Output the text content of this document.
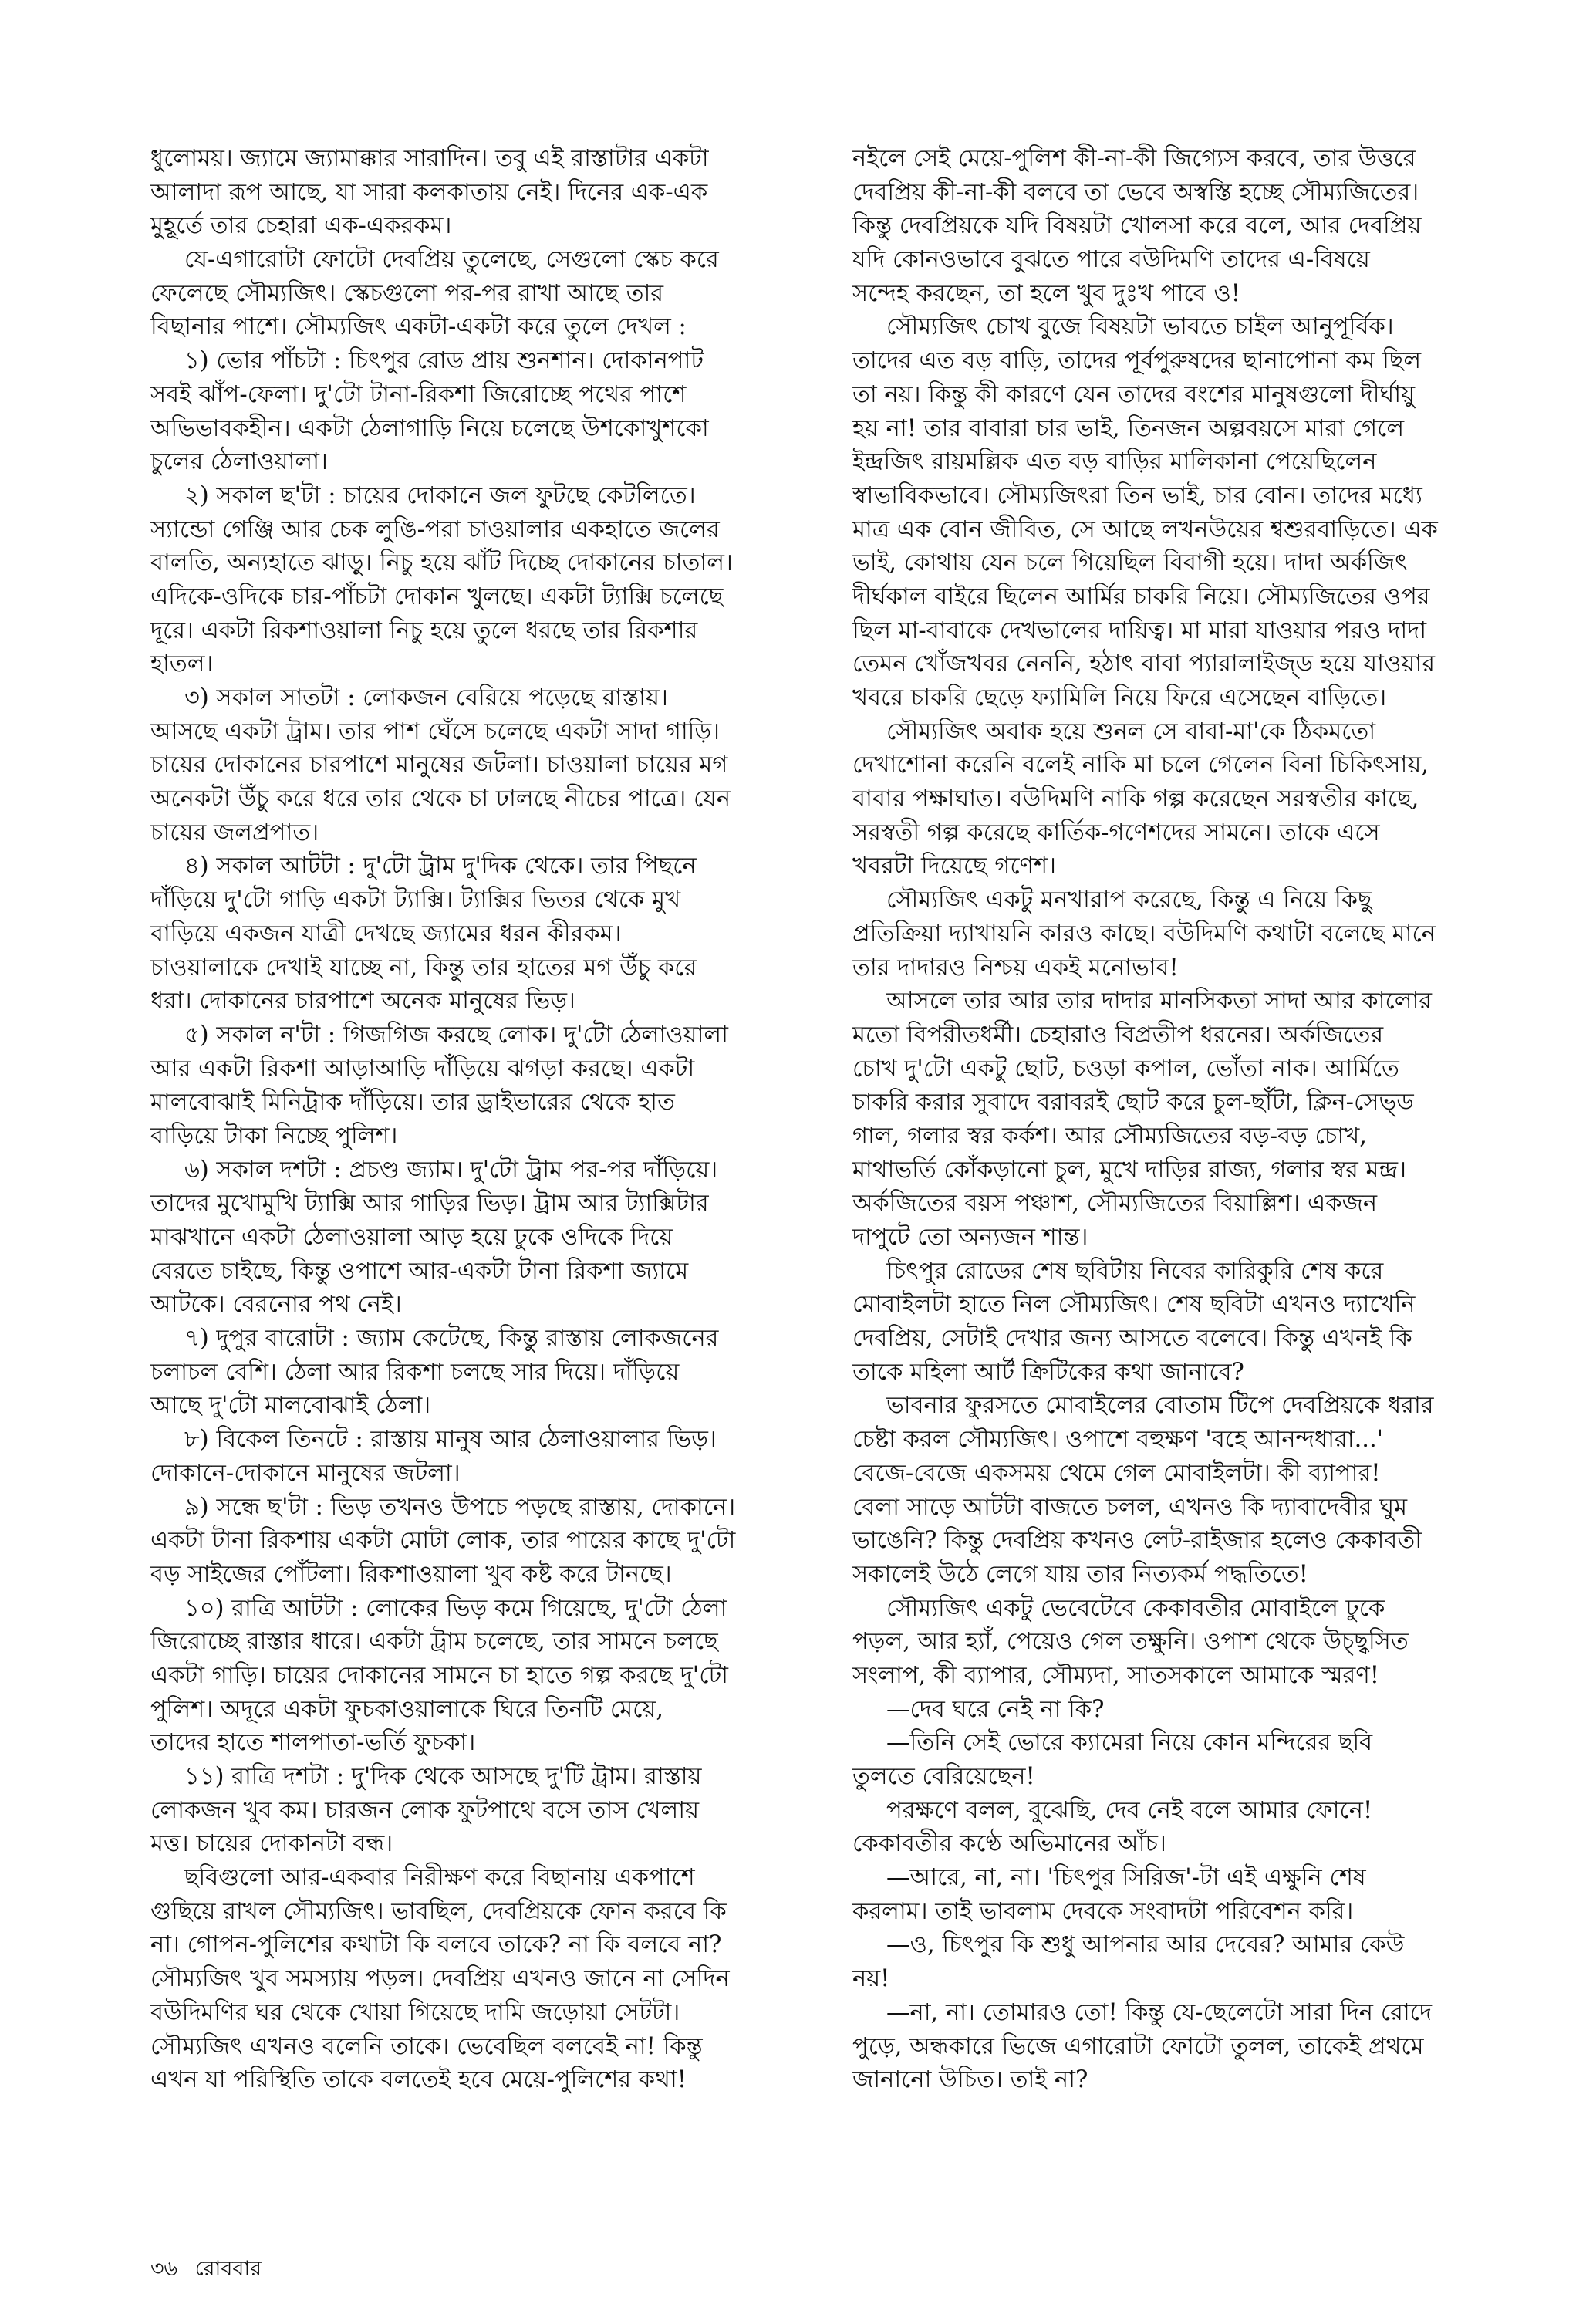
ধুলোময়। জ্যামে জ্যামাক্কার সারাদিন। তবু এই রাস্তাটার একটা
আলাদা রূপ আছে, যা সারা কলকাতায় নেই। দিনের এক-এক
মুহূর্তে তার চেহারা এক-একরকম।
যে-এগারোটা ফোটো দেবপ্রিয় তুলেছে, সেগুলো স্কেচ করে
ফেলেছে সৌম্যজিৎ। স্কেচগুলো পর-পর রাখা আছে তার
বিছানার পাশে। সৌম্যজিৎ একটা-একটা করে তুলে দেখল :
১) ভোর পাঁচটা : চিৎপুর রোড প্রায় শুনশান। দোকানপাট
সবই ঝাঁপ-ফেলা। দু'টো টানা-রিকশা জিরোচ্ছে পথের পাশে
অভিভাবকহীন। একটা ঠেলাগাড়ি নিয়ে চলেছে উশকোখুশকো
চুলের ঠেলাওয়ালা।
২) সকাল ছ'টা : চায়ের দোকানে জল ফুটছে কেটলিতে।
স্যান্ডো গেঞ্জি আর চেক লুঙি-পরা চাওয়ালার একহাতে জলের
বালতি, অন্যহাতে ঝাড়ু। নিচু হয়ে ঝাঁট দিচ্ছে দোকানের চাতাল।
এদিকে-ওদিকে চার-পাঁচটা দোকান খুলছে। একটা ট্যাক্সি চলেছে
দূরে। একটা রিকশাওয়ালা নিচু হয়ে তুলে ধরছে তার রিকশার
হাতল।
৩) সকাল সাতটা : লোকজন বেরিয়ে পড়েছে রাস্তায়।
আসছে একটা ট্রাম। তার পাশ ঘেঁসে চলেছে একটা সাদা গাড়ি।
চায়ের দোকানের চারপাশে মানুষের জটলা। চাওয়ালা চায়ের মগ
অনেকটা উঁচু করে ধরে তার থেকে চা ঢালছে নীচের পাত্রে। যেন
চায়ের জলপ্রপাত।
৪) সকাল আটটা : দু'টো ট্রাম দু'দিক থেকে। তার পিছনে
দাঁড়িয়ে দু'টো গাড়ি একটা ট্যাক্সি। ট্যাক্সির ভিতর থেকে মুখ
বাড়িয়ে একজন যাত্রী দেখছে জ্যামের ধরন কীরকম।
চাওয়ালাকে দেখাই যাচ্ছে না, কিন্তু তার হাতের মগ উঁচু করে
ধরা। দোকানের চারপাশে অনেক মানুষের ভিড়।
৫) সকাল ন'টা : গিজগিজ করছে লোক। দু'টো ঠেলাওয়ালা
আর একটা রিকশা আড়াআড়ি দাঁড়িয়ে ঝগড়া করছে। একটা
মালবোঝাই মিনিট্রাক দাঁড়িয়ে। তার ড্রাইভারের থেকে হাত
বাড়িয়ে টাকা নিচ্ছে পুলিশ।
৬) সকাল দশটা : প্রচণ্ড জ্যাম। দু'টো ট্রাম পর-পর দাঁড়িয়ে।
তাদের মুখোমুখি ট্যাক্সি আর গাড়ির ভিড়। ট্রাম আর ট্যাক্সিটার
মাঝখানে একটা ঠেলাওয়ালা আড় হয়ে ঢুকে ওদিকে দিয়ে
বেরতে চাইছে, কিন্তু ওপাশে আর-একটা টানা রিকশা জ্যামে
আটকে। বেরনোর পথ নেই।
৭) দুপুর বারোটা : জ্যাম কেটেছে, কিন্তু রাস্তায় লোকজনের
চলাচল বেশি। ঠেলা আর রিকশা চলছে সার দিয়ে। দাঁড়িয়ে
আছে দু'টো মালবোঝাই ঠেলা।
৮) বিকেল তিনটে : রাস্তায় মানুষ আর ঠেলাওয়ালার ভিড়।
দোকানে-দোকানে মানুষের জটলা।
৯) সন্ধে ছ'টা : ভিড় তখনও উপচে পড়ছে রাস্তায়, দোকানে।
একটা টানা রিকশায় একটা মোটা লোক, তার পায়ের কাছে দু'টো
বড় সাইজের পোঁটলা। রিকশাওয়ালা খুব কষ্ট করে টানছে।
১০) রাত্রি আটটা : লোকের ভিড় কমে গিয়েছে, দু'টো ঠেলা
জিরোচ্ছে রাস্তার ধারে। একটা ট্রাম চলেছে, তার সামনে চলছে
একটা গাড়ি। চায়ের দোকানের সামনে চা হাতে গল্প করছে দু'টো
পুলিশ। অদূরে একটা ফুচকাওয়ালাকে ঘিরে তিনটি মেয়ে,
তাদের হাতে শালপাতা-ভর্তি ফুচকা।
১১) রাত্রি দশটা : দু'দিক থেকে আসছে দু'টি ট্রাম। রাস্তায়
লোকজন খুব কম। চারজন লোক ফুটপাথে বসে তাস খেলায়
মত্ত। চায়ের দোকানটা বন্ধ।
ছবিগুলো আর-একবার নিরীক্ষণ করে বিছানায় একপাশে
গুছিয়ে রাখল সৌম্যজিৎ। ভাবছিল, দেবপ্রিয়কে ফোন করবে কি
না। গোপন-পুলিশের কথাটা কি বলবে তাকে? না কি বলবে না?
সৌম্যজিৎ খুব সমস্যায় পড়ল। দেবপ্রিয় এখনও জানে না সেদিন
বউদিমণির ঘর থেকে খোয়া গিয়েছে দামি জড়োয়া সেটটা।
সৌম্যজিৎ এখনও বলেনি তাকে। ভেবেছিল বলবেই না! কিন্তু
এখন যা পরিস্থিতি তাকে বলতেই হবে মেয়ে-পুলিশের কথা!
নইলে সেই মেয়ে-পুলিশ কী-না-কী জিগ্যেস করবে, তার উত্তরে
দেবপ্রিয় কী-না-কী বলবে তা ভেবে অস্বস্তি হচ্ছে সৌম্যজিতের।
কিন্তু দেবপ্রিয়কে যদি বিষয়টা খোলসা করে বলে, আর দেবপ্রিয়
যদি কোনওভাবে বুঝতে পারে বউদিমণি তাদের এ-বিষয়ে
সন্দেহ করছেন, তা হলে খুব দুঃখ পাবে ও!
সৌম্যজিৎ চোখ বুজে বিষয়টা ভাবতে চাইল আনুপূর্বিক।
তাদের এত বড় বাড়ি, তাদের পূর্বপুরুষদের ছানাপোনা কম ছিল
তা নয়। কিন্তু কী কারণে যেন তাদের বংশের মানুষগুলো দীর্ঘায়ু
হয় না! তার বাবারা চার ভাই, তিনজন অল্পবয়সে মারা গেলে
ইন্দ্রজিৎ রায়মল্লিক এত বড় বাড়ির মালিকানা পেয়েছিলেন
স্বাভাবিকভাবে। সৌম্যজিৎরা তিন ভাই, চার বোন। তাদের মধ্যে
মাত্র এক বোন জীবিত, সে আছে লখনউয়ের শ্বশুরবাড়িতে। এক
ভাই, কোথায় যেন চলে গিয়েছিল বিবাগী হয়ে। দাদা অর্কজিৎ
দীর্ঘকাল বাইরে ছিলেন আর্মির চাকরি নিয়ে। সৌম্যজিতের ওপর
ছিল মা-বাবাকে দেখভালের দায়িত্ব। মা মারা যাওয়ার পরও দাদা
তেমন খোঁজখবর নেননি, হঠাৎ বাবা প্যারালাইজ্‌ড হয়ে যাওয়ার
খবরে চাকরি ছেড়ে ফ্যামিলি নিয়ে ফিরে এসেছেন বাড়িতে।
সৌম্যজিৎ অবাক হয়ে শুনল সে বাবা-মা'কে ঠিকমতো
দেখাশোনা করেনি বলেই নাকি মা চলে গেলেন বিনা চিকিৎসায়,
বাবার পক্ষাঘাত। বউদিমণি নাকি গল্প করেছেন সরস্বতীর কাছে,
সরস্বতী গল্প করেছে কার্তিক-গণেশদের সামনে। তাকে এসে
খবরটা দিয়েছে গণেশ।
সৌম্যজিৎ একটু মনখারাপ করেছে, কিন্তু এ নিয়ে কিছু
প্রতিক্রিয়া দ্যাখায়নি কারও কাছে। বউদিমণি কথাটা বলেছে মানে
তার দাদারও নিশ্চয় একই মনোভাব!
আসলে তার আর তার দাদার মানসিকতা সাদা আর কালোর
মতো বিপরীতধর্মী। চেহারাও বিপ্রতীপ ধরনের। অর্কজিতের
চোখ দু'টো একটু ছোট, চওড়া কপাল, ভোঁতা নাক। আর্মিতে
চাকরি করার সুবাদে বরাবরই ছোট করে চুল-ছাঁটা, ক্লিন-সেভ্‌ড
গাল, গলার স্বর কর্কশ। আর সৌম্যজিতের বড়-বড় চোখ,
মাথাভর্তি কোঁকড়ানো চুল, মুখে দাড়ির রাজ্য, গলার স্বর মন্দ্র।
অর্কজিতের বয়স পঞ্চাশ, সৌম্যজিতের বিয়াল্লিশ। একজন
দাপুটে তো অন্যজন শান্ত।
চিৎপুর রোডের শেষ ছবিটায় নিবের কারিকুরি শেষ করে
মোবাইলটা হাতে নিল সৌম্যজিৎ। শেষ ছবিটা এখনও দ্যাখেনি
দেবপ্রিয়, সেটাই দেখার জন্য আসতে বলেবে। কিন্তু এখনই কি
তাকে মহিলা আর্ট ক্রিটিকের কথা জানাবে?
ভাবনার ফুরসতে মোবাইলের বোতাম টিপে দেবপ্রিয়কে ধরার
চেষ্টা করল সৌম্যজিৎ। ওপাশে বহুক্ষণ 'বহে আনন্দধারা...'
বেজে-বেজে একসময় থেমে গেল মোবাইলটা। কী ব্যাপার!
বেলা সাড়ে আটটা বাজতে চলল, এখনও কি দ্যাবাদেবীর ঘুম
ভাঙেনি? কিন্তু দেবপ্রিয় কখনও লেট-রাইজার হলেও কেকাবতী
সকালেই উঠে লেগে যায় তার নিত্যকর্ম পদ্ধতিতে!
সৌম্যজিৎ একটু ভেবেটেবে কেকাবতীর মোবাইলে ঢুকে
পড়ল, আর হ্যাঁ, পেয়েও গেল তক্ষুনি। ওপাশ থেকে উচ্ছ্বসিত
সংলাপ, কী ব্যাপার, সৌম্যদা, সাতসকালে আমাকে স্মরণ!
—দেব ঘরে নেই না কি?
—তিনি সেই ভোরে ক্যামেরা নিয়ে কোন মন্দিরের ছবি
তুলতে বেরিয়েছেন!
পরক্ষণে বলল, বুঝেছি, দেব নেই বলে আমার ফোনে!
কেকাবতীর কণ্ঠে অভিমানের আঁচ।
—আরে, না, না। 'চিৎপুর সিরিজ'-টা এই এক্ষুনি শেষ
করলাম। তাই ভাবলাম দেবকে সংবাদটা পরিবেশন করি।
—ও, চিৎপুর কি শুধু আপনার আর দেবের? আমার কেউ
নয়!
—না, না। তোমারও তো! কিন্তু যে-ছেলেটো সারা দিন রোদে
পুড়ে, অন্ধকারে ভিজে এগারোটা ফোটো তুলল, তাকেই প্রথমে
জানানো উচিত। তাই না?
৩৬ রোববার
